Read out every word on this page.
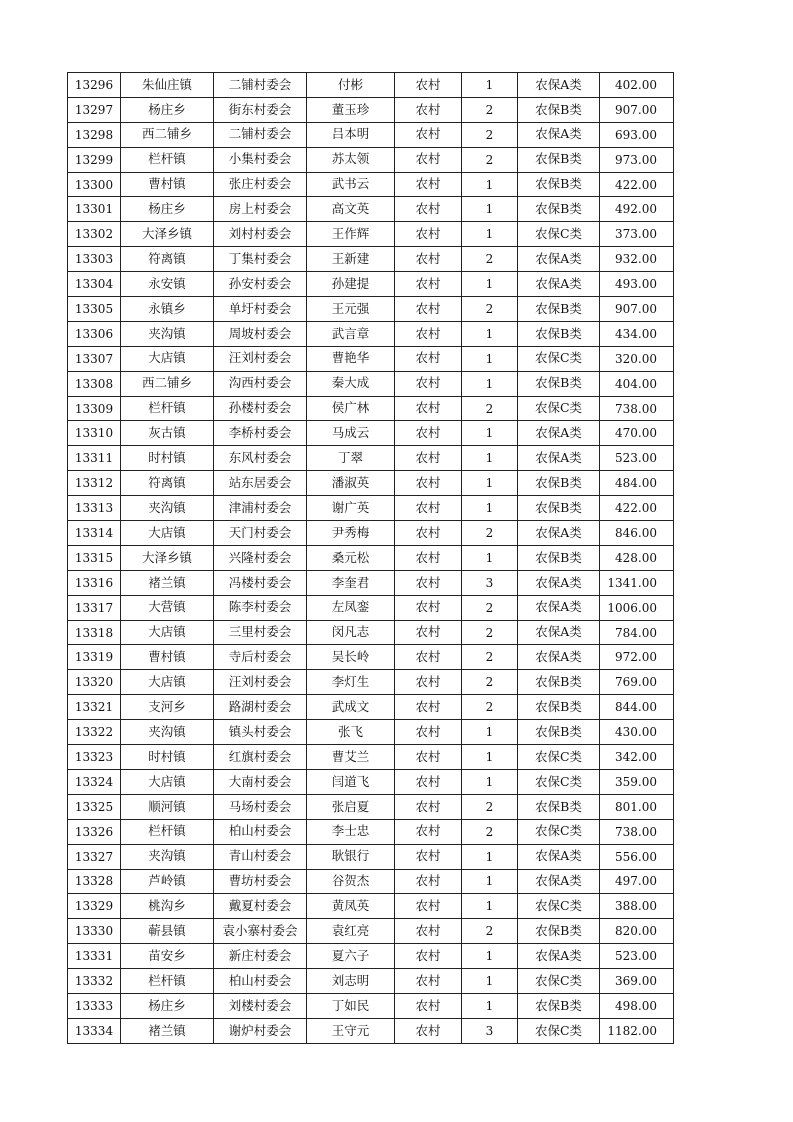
13296	朱仙庄镇	二铺村委会	付彬	农村	1	农保A类	402.00
13297	杨庄乡	街东村委会	董玉珍	农村	2	农保B类	907.00
13298	西二铺乡	二铺村委会	吕本明	农村	2	农保A类	693.00
13299	栏杆镇	小集村委会	苏太领	农村	2	农保B类	973.00
13300	曹村镇	张庄村委会	武书云	农村	1	农保B类	422.00
13301	杨庄乡	房上村委会	高文英	农村	1	农保B类	492.00
13302	大泽乡镇	刘村村委会	王作辉	农村	1	农保C类	373.00
13303	符离镇	丁集村委会	王新建	农村	2	农保A类	932.00
13304	永安镇	孙安村委会	孙建提	农村	1	农保A类	493.00
13305	永镇乡	单圩村委会	王元强	农村	2	农保B类	907.00
13306	夹沟镇	周坡村委会	武言章	农村	1	农保B类	434.00
13307	大店镇	汪刘村委会	曹艳华	农村	1	农保C类	320.00
13308	西二铺乡	沟西村委会	秦大成	农村	1	农保B类	404.00
13309	栏杆镇	孙楼村委会	侯广林	农村	2	农保C类	738.00
13310	灰古镇	李桥村委会	马成云	农村	1	农保A类	470.00
13311	时村镇	东风村委会	丁翠	农村	1	农保A类	523.00
13312	符离镇	站东居委会	潘淑英	农村	1	农保B类	484.00
13313	夹沟镇	津浦村委会	谢广英	农村	1	农保B类	422.00
13314	大店镇	天门村委会	尹秀梅	农村	2	农保A类	846.00
13315	大泽乡镇	兴隆村委会	桑元松	农村	1	农保B类	428.00
13316	褚兰镇	冯楼村委会	李奎君	农村	3	农保A类	1341.00
13317	大营镇	陈李村委会	左凤銮	农村	2	农保A类	1006.00
13318	大店镇	三里村委会	闵凡志	农村	2	农保A类	784.00
13319	曹村镇	寺后村委会	吴长岭	农村	2	农保A类	972.00
13320	大店镇	汪刘村委会	李灯生	农村	2	农保B类	769.00
13321	支河乡	路湖村委会	武成文	农村	2	农保B类	844.00
13322	夹沟镇	镇头村委会	张飞	农村	1	农保B类	430.00
13323	时村镇	红旗村委会	曹艾兰	农村	1	农保C类	342.00
13324	大店镇	大南村委会	闫道飞	农村	1	农保C类	359.00
13325	顺河镇	马场村委会	张启夏	农村	2	农保B类	801.00
13326	栏杆镇	柏山村委会	李士忠	农村	2	农保C类	738.00
13327	夹沟镇	青山村委会	耿银行	农村	1	农保A类	556.00
13328	芦岭镇	曹坊村委会	谷贺杰	农村	1	农保A类	497.00
13329	桃沟乡	戴夏村委会	黄凤英	农村	1	农保C类	388.00
13330	蕲县镇	袁小寨村委会	袁红亮	农村	2	农保B类	820.00
13331	苗安乡	新庄村委会	夏六子	农村	1	农保A类	523.00
13332	栏杆镇	柏山村委会	刘志明	农村	1	农保C类	369.00
13333	杨庄乡	刘楼村委会	丁如民	农村	1	农保B类	498.00
13334	褚兰镇	谢炉村委会	王守元	农村	3	农保C类	1182.00
